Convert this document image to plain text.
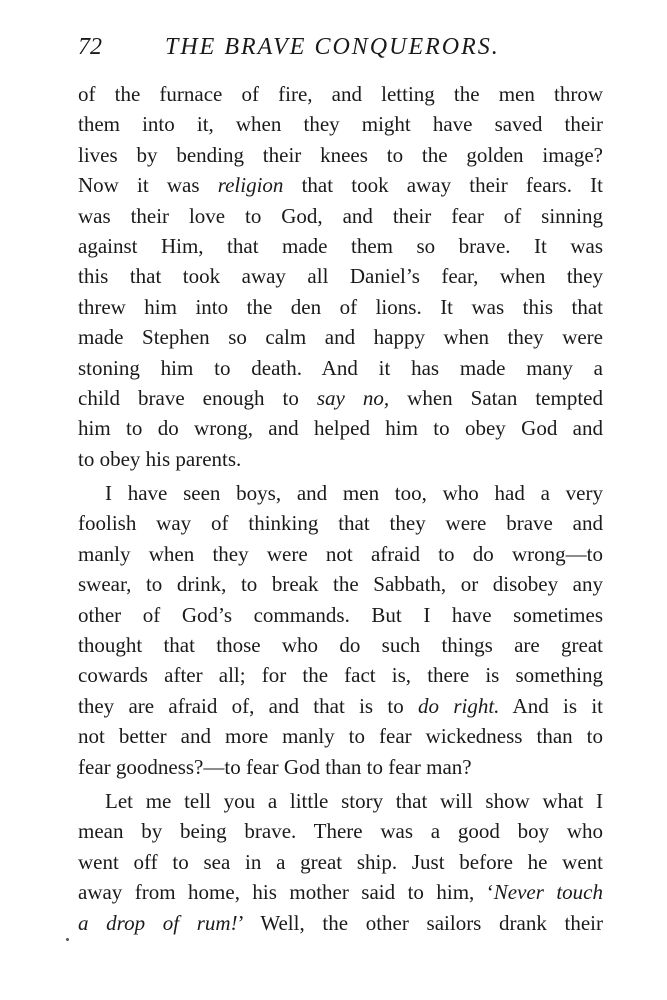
72	THE BRAVE CONQUERORS.
of the furnace of fire, and letting the men throw
them into it, when they might have saved their
lives by bending their knees to the golden image?
Now it was religion that took away their fears. It
was their love to God, and their fear of sinning
against Him, that made them so brave. It was
this that took away all Daniel’s fear, when they
threw him into the den of lions. It was this that
made Stephen so calm and happy when they were
stoning him to death. And it has made many a
child brave enough to say no, when Satan tempted
him to do wrong, and helped him to obey God and
to obey his parents.
I have seen boys, and men too, who had a very
foolish way of thinking that they were brave and
manly when they were not afraid to do wrong—to
swear, to drink, to break the Sabbath, or disobey any
other of God’s commands. But I have sometimes
thought that those who do such things are great
cowards after all; for the fact is, there is something
they are afraid of, and that is to do right. And is it
not better and more manly to fear wickedness than to
fear goodness?—to fear God than to fear man?
Let me tell you a little story that will show what I
mean by being brave. There was a good boy who
went off to sea in a great ship. Just before he went
away from home, his mother said to him, ‘Never touch
a drop of rum!’ Well, the other sailors drank their
